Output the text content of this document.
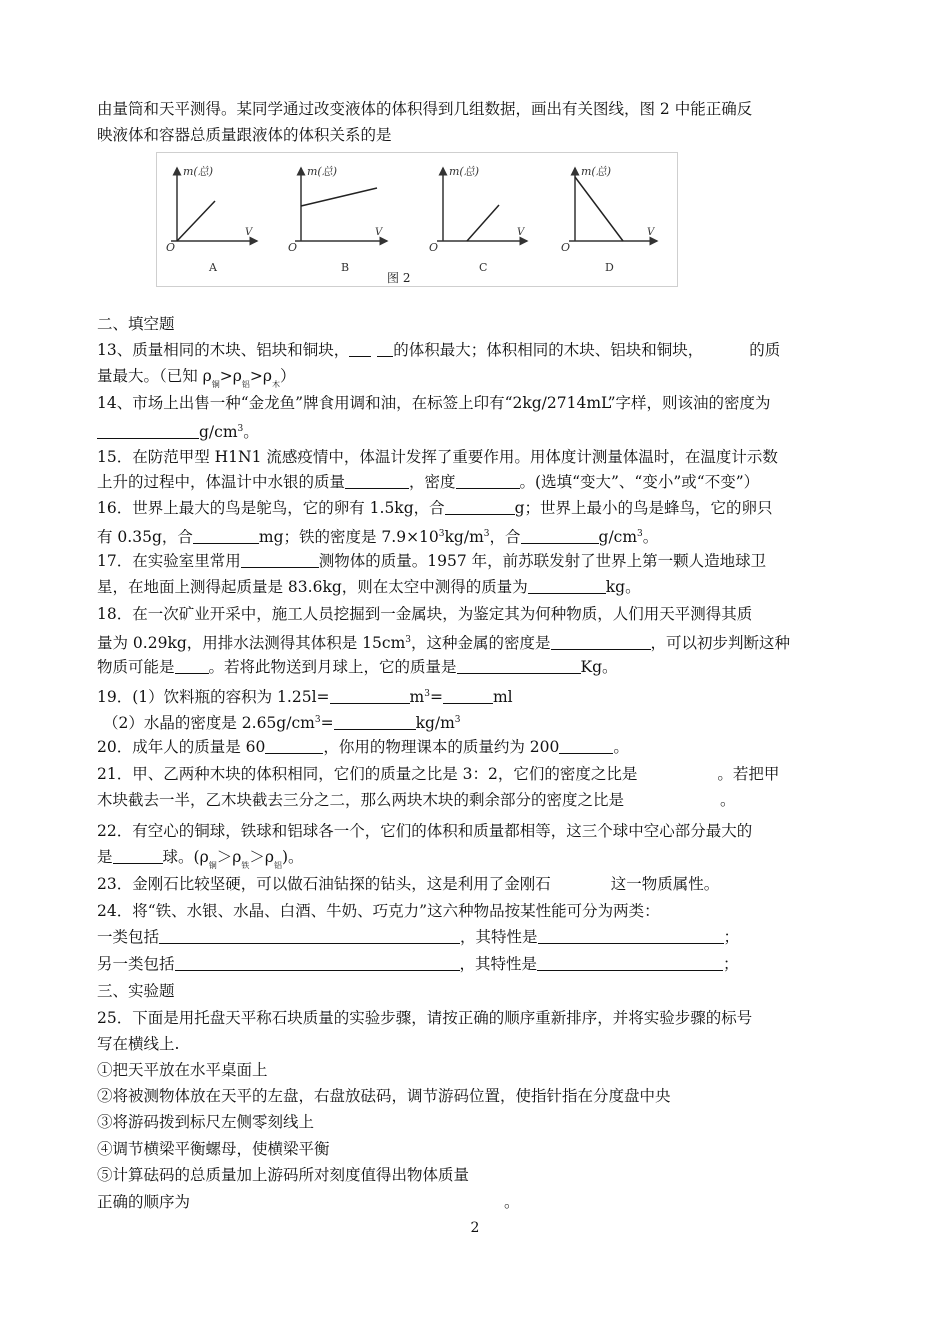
由量筒和天平测得。某同学通过改变液体的体积得到几组数据，画出有关图线，图 2 中能正确反
映液体和容器总质量跟液体的体积关系的是
m(总)
V
O
A
m(总)
V
O
B
m(总)
V
O
C
m(总)
V
O
D
图 2
二、填空题
13、质量相同的木块、铝块和铜块，	的体积最大；体积相同的木块、铝块和铜块，	的质
量最大。（已知 $\rho_铜>\rho_铝>\rho_木$）
14、市场上出售一种“金龙鱼”牌食用调和油，在标签上印有“2kg/2714mL”字样，则该油的密度为
$g/cm^3$。
15．在防范甲型 H1N1 流感疫情中，体温计发挥了重要作用。用体度计测量体温时，在温度计示数
上升的过程中，体温计中水银的质量	，密度	。(选填“变大”、“变小”或“不变”）
16．世界上最大的鸟是鸵鸟，它的卵有 1.5kg，合	g；世界上最小的鸟是蜂鸟，它的卵只
有 0.35g，合	mg；铁的密度是 $7.9\times 10^3kg/m^3$，合	$g/cm^3$。
17．在实验室里常用	测物体的质量。1957 年，前苏联发射了世界上第一颗人造地球卫
星，在地面上测得起质量是 83.6kg，则在太空中测得的质量为	kg。
18．在一次矿业开采中，施工人员挖掘到一金属块，为鉴定其为何种物质，人们用天平测得其质
量为 0.29kg，用排水法测得其体积是 $15cm^3$，这种金属的密度是	，可以初步判断这种
物质可能是 。若将此物送到月球上，它的质量是	Kg。
19．(1）饮料瓶的容积为 1.25l=	$m^3=$	ml
（2）水晶的密度是 $2.65g/cm^3=$	$kg/m^3$
20．成年人的质量是 60	，你用的物理课本的质量约为 200	。
21．甲、乙两种木块的体积相同，它们的质量之比是 3：2，它们的密度之比是	。若把甲
木块截去一半，乙木块截去三分之二，那么两块木块的剩余部分的密度之比是	。
22．有空心的铜球，铁球和铝球各一个，它们的体积和质量都相等，这三个球中空心部分最大的
是	球。$(\rho_铜>\rho_铁>\rho_铝)$。
23．金刚石比较坚硬，可以做石油钻探的钻头，这是利用了金刚石	这一物质属性。
24．将“铁、水银、水晶、白酒、牛奶、巧克力”这六种物品按某性能可分为两类：
一类包括	，其特性是	；
另一类包括	，其特性是	；
三、实验题
25．下面是用托盘天平称石块质量的实验步骤，请按正确的顺序重新排序，并将实验步骤的标号
写在横线上.
①把天平放在水平桌面上
②将被测物体放在天平的左盘，右盘放砝码，调节游码位置，使指针指在分度盘中央
③将游码拨到标尺左侧零刻线上
④调节横梁平衡螺母，使横梁平衡
⑤计算砝码的总质量加上游码所对刻度值得出物体质量
正确的顺序为	。
2
